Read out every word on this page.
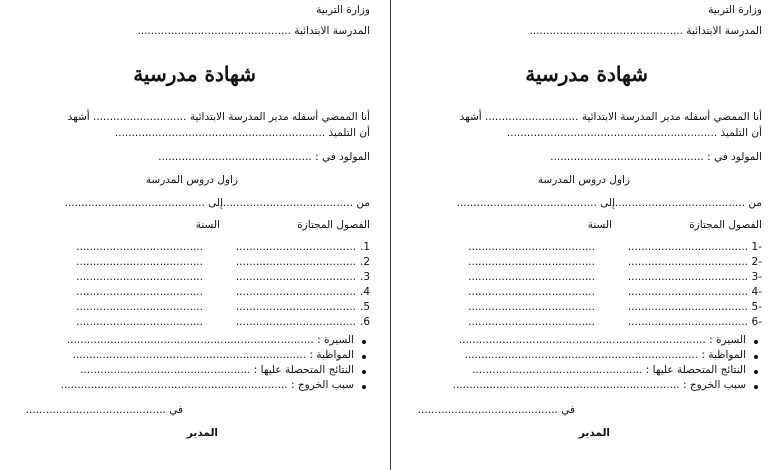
وزارة التربية
المدرسة الابتدائية ..............................................
شهادة مدرسية
أنا الممضي أسفله مدير المدرسة الابتدائية ............................ أشهد
أن التلميذ ...............................................................
المولود في : ..............................................
زاول دروس المدرسة
من ........................................
إلى ..........................................
الفصول المجتازة
السنة
1.
....................................
......................................
2.
....................................
......................................
3.
....................................
......................................
4.
....................................
......................................
5.
....................................
......................................
6.
....................................
......................................
السيرة : ..........................................................................
المواظبة : ......................................................................
النتائج المتحصلة عليها : ...................................................
سبب الخروج : ....................................................................
في ..........................................
المدير
وزارة التربية
المدرسة الابتدائية ..............................................
شهادة مدرسية
أنا الممضي أسفله مدير المدرسة الابتدائية ............................ أشهد
أن التلميذ ...............................................................
المولود في : ..............................................
زاول دروس المدرسة
من ........................................
إلى ..........................................
الفصول المجتازة
السنة
-1
....................................
......................................
-2
....................................
......................................
-3
....................................
......................................
-4
....................................
......................................
-5
....................................
......................................
-6
....................................
......................................
السيرة : ..........................................................................
المواظبة : ......................................................................
النتائج المتحصلة عليها : ...................................................
سبب الخروج : ....................................................................
في ..........................................
المدير
